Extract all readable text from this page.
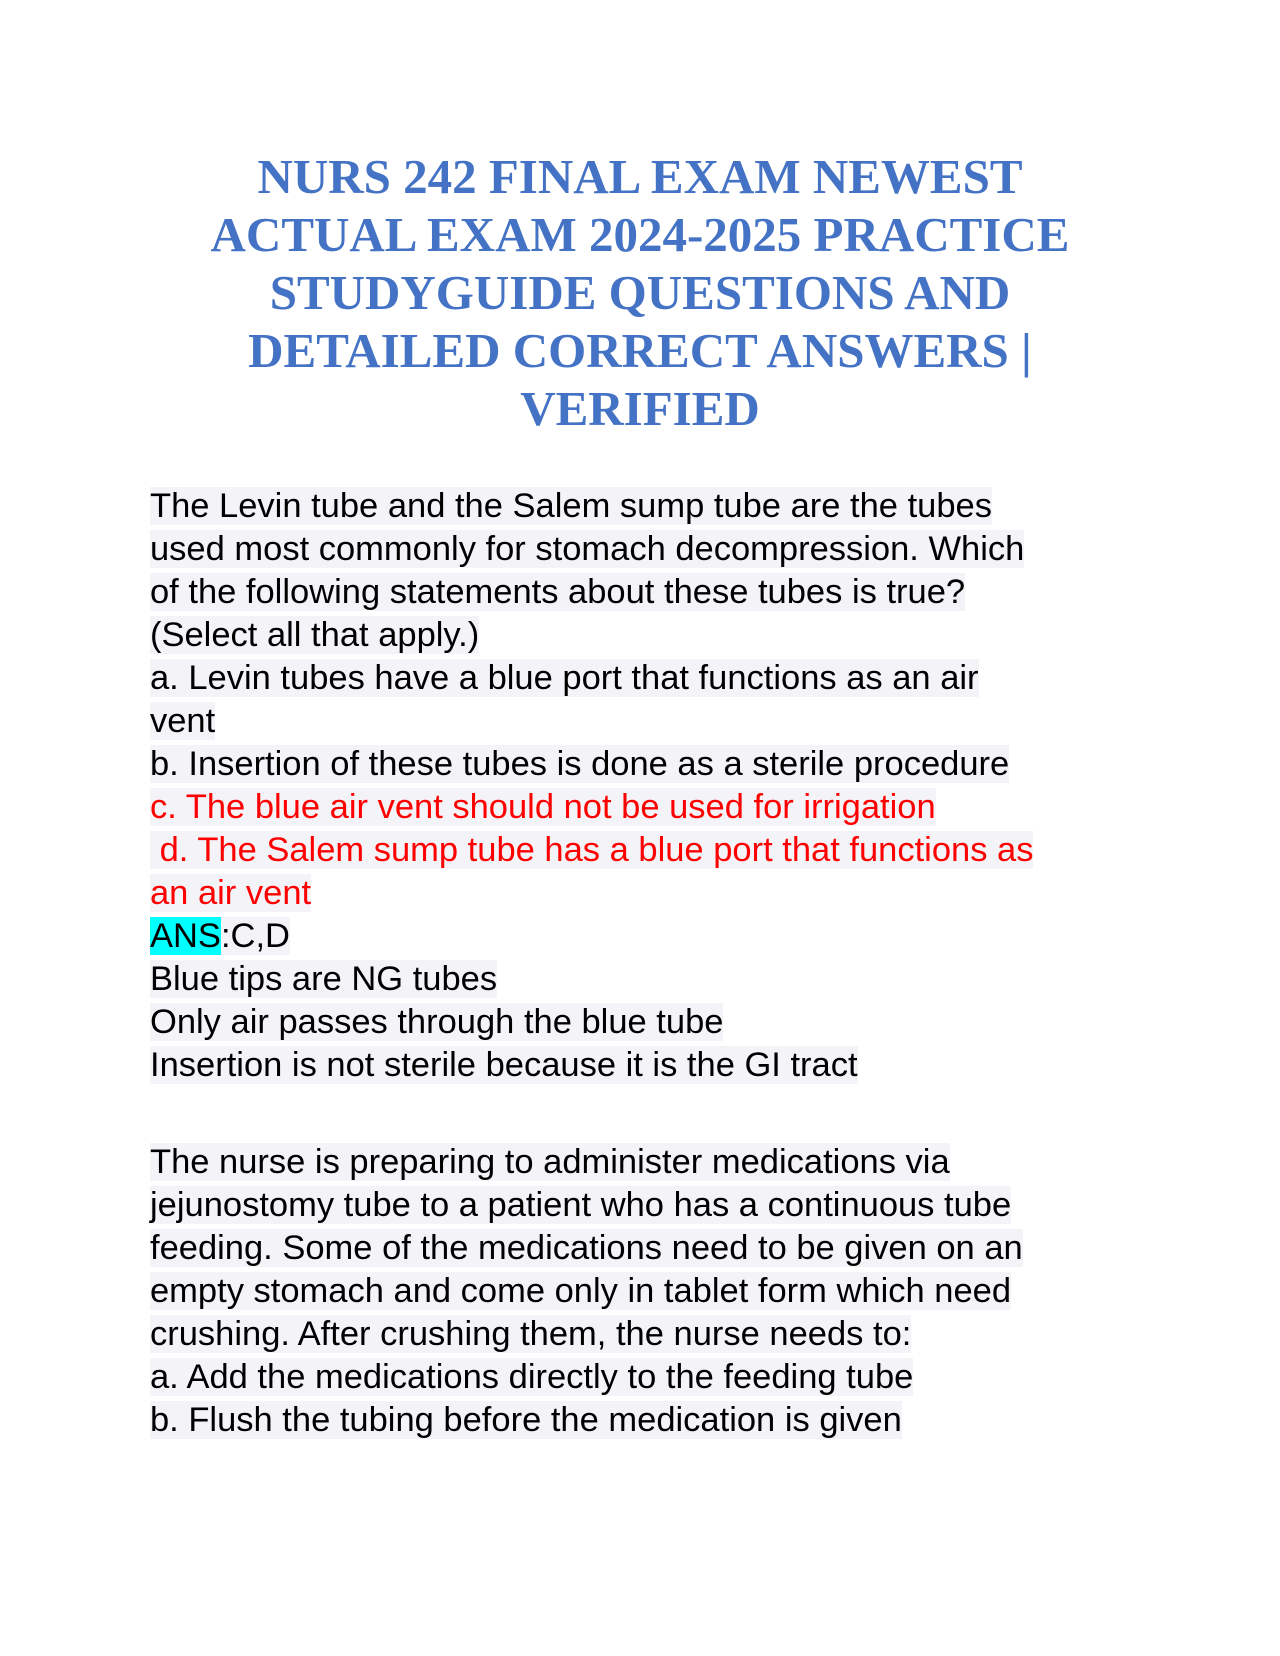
NURS 242 FINAL EXAM NEWEST
ACTUAL EXAM 2024-2025 PRACTICE
STUDYGUIDE QUESTIONS AND
DETAILED CORRECT ANSWERS |
VERIFIED
The Levin tube and the Salem sump tube are the tubes
used most commonly for stomach decompression. Which
of the following statements about these tubes is true?
(Select all that apply.)
a. Levin tubes have a blue port that functions as an air
vent
b. Insertion of these tubes is done as a sterile procedure
c. The blue air vent should not be used for irrigation
d. The Salem sump tube has a blue port that functions as
an air vent
ANS:C,D
Blue tips are NG tubes
Only air passes through the blue tube
Insertion is not sterile because it is the GI tract
The nurse is preparing to administer medications via
jejunostomy tube to a patient who has a continuous tube
feeding. Some of the medications need to be given on an
empty stomach and come only in tablet form which need
crushing. After crushing them, the nurse needs to:
a. Add the medications directly to the feeding tube
b. Flush the tubing before the medication is given
